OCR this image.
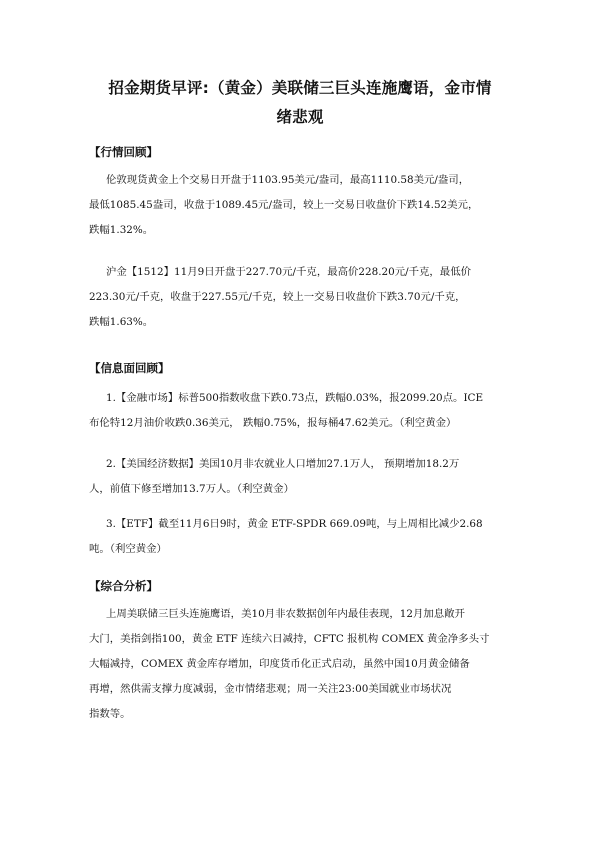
招金期货早评:（黄金）美联储三巨头连施鹰语，金市情
绪悲观
【行情回顾】
伦敦现货黄金上个交易日开盘于1103.95美元/盎司，最高1110.58美元/盎司，
最低1085.45盎司，收盘于1089.45元/盎司，较上一交易日收盘价下跌14.52美元，
跌幅1.32%。
沪金【1512】11月9日开盘于227.70元/千克，最高价228.20元/千克，最低价
223.30元/千克，收盘于227.55元/千克，较上一交易日收盘价下跌3.70元/千克，
跌幅1.63%。
【信息面回顾】
1.【金融市场】标普500指数收盘下跌0.73点，跌幅0.03%，报2099.20点。ICE
布伦特12月油价收跌0.36美元， 跌幅0.75%，报每桶47.62美元。（利空黄金）
2.【美国经济数据】美国10月非农就业人口增加27.1万人， 预期增加18.2万
人，前值下修至增加13.7万人。（利空黄金）
3.【ETF】截至11月6日9时，黄金 ETF-SPDR 669.09吨，与上周相比减少2.68
吨。（利空黄金）
【综合分析】
上周美联储三巨头连施鹰语，美10月非农数据创年内最佳表现，12月加息敞开
大门，美指剑指100，黄金 ETF 连续六日减持，CFTC 报机构 COMEX 黄金净多头寸
大幅减持，COMEX 黄金库存增加，印度货币化正式启动，虽然中国10月黄金储备
再增，然供需支撑力度减弱，金市情绪悲观；周一关注23:00美国就业市场状况
指数等。
